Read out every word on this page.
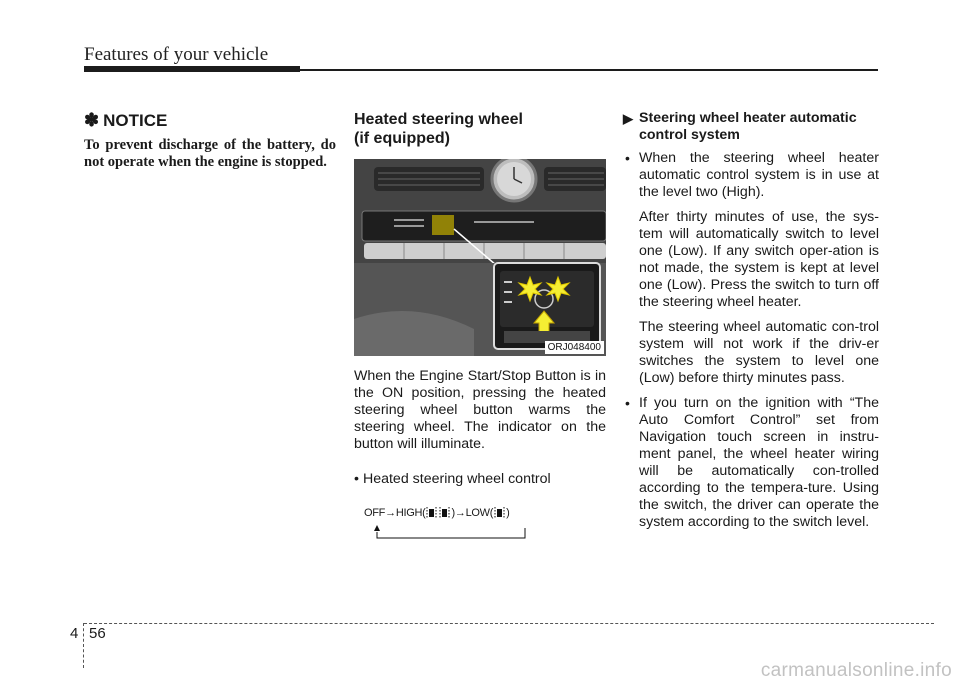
Features of your vehicle
✽ NOTICE

To prevent discharge of the battery, do not operate when the engine is stopped.

Heated steering wheel
(if equipped)
ORJ048400

When the Engine Start/Stop Button is in the ON position, pressing the heated steering wheel button warms the steering wheel. The indicator on the button will illuminate.

• Heated steering wheel control

OFF → HIGH( ) → LOW( )
▶ Steering wheel heater automatic
control system
• When the steering wheel heater automatic control system is in use at the level two (High).

After thirty minutes of use, the sys-tem will automatically switch to level one (Low). If any switch oper-ation is not made, the system is kept at level one (Low). Press the switch to turn off the steering wheel heater.

The steering wheel automatic con-trol system will not work if the driv-er switches the system to level one (Low) before thirty minutes pass.

• If you turn on the ignition with “The Auto Comfort Control” set from Navigation touch screen in instru-ment panel, the wheel heater wiring will be automatically con-trolled according to the tempera-ture. Using the switch, the driver can operate the system according to the switch level.

4 56
carmanualsonline.info
